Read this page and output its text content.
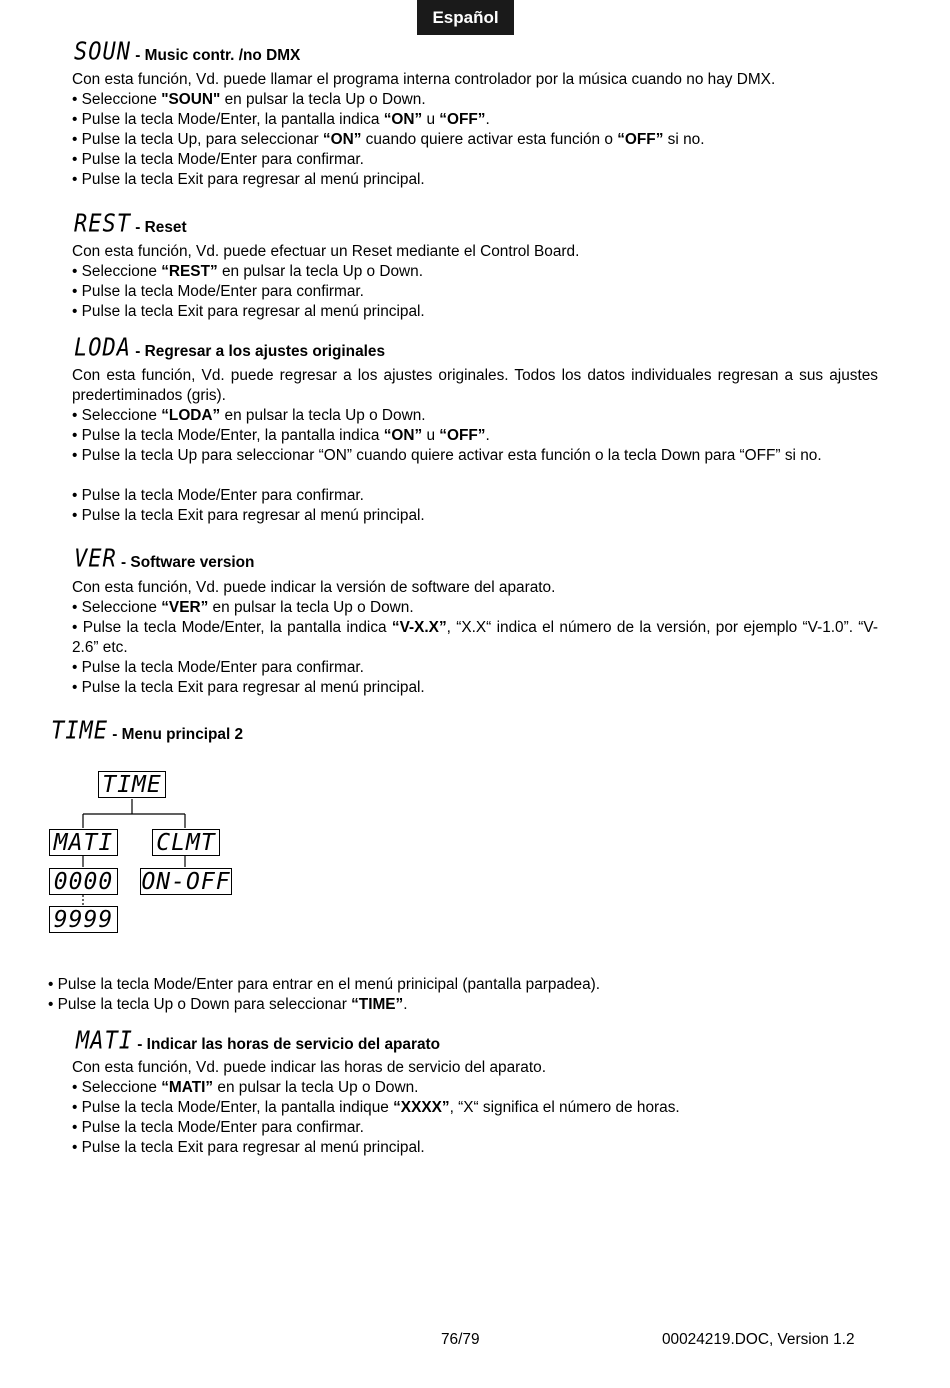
Español
SOUN - Music contr. /no DMX
Con esta función, Vd. puede llamar el programa interna controlador por la música cuando no hay DMX.
• Seleccione "SOUN" en pulsar la tecla Up o Down.
• Pulse la tecla Mode/Enter, la pantalla indica “ON” u “OFF”.
• Pulse la tecla Up, para seleccionar “ON” cuando quiere activar esta función o “OFF” si no.
• Pulse la tecla Mode/Enter para confirmar.
• Pulse la tecla Exit para regresar al menú principal.
REST - Reset
Con esta función, Vd. puede efectuar un Reset mediante el Control Board.
• Seleccione “REST” en pulsar la tecla Up o Down.
• Pulse la tecla Mode/Enter para confirmar.
• Pulse la tecla Exit para regresar al menú principal.
LODA - Regresar a los ajustes originales
Con esta función, Vd. puede regresar a los ajustes originales. Todos los datos individuales regresan a sus ajustes predertiminados (gris).
• Seleccione “LODA” en pulsar la tecla Up o Down.
• Pulse la tecla Mode/Enter, la pantalla indica “ON” u “OFF”.
• Pulse la tecla Up para seleccionar “ON” cuando quiere activar esta función o la tecla Down para “OFF” si no.
• Pulse la tecla Mode/Enter para confirmar.
• Pulse la tecla Exit para regresar al menú principal.
VER - Software version
Con esta función, Vd. puede indicar la versión de software del aparato.
• Seleccione “VER” en pulsar la tecla Up o Down.
• Pulse la tecla Mode/Enter, la pantalla indica “V-X.X”, “X.X“ indica el número de la versión, por ejemplo “V-1.0”. “V-2.6” etc.
• Pulse la tecla Mode/Enter para confirmar.
• Pulse la tecla Exit para regresar al menú principal.
TIME - Menu principal 2
TIME
MATI CLMT
0000 ON-OFF
9999
• Pulse la tecla Mode/Enter para entrar en el menú prinicipal (pantalla parpadea).
• Pulse la tecla Up o Down para seleccionar “TIME”.
MATI - Indicar las horas de servicio del aparato
Con esta función, Vd. puede indicar las horas de servicio del aparato.
• Seleccione “MATI” en pulsar la tecla Up o Down.
• Pulse la tecla Mode/Enter, la pantalla indique “XXXX”, “X“ significa el número de horas.
• Pulse la tecla Mode/Enter para confirmar.
• Pulse la tecla Exit para regresar al menú principal.
76/79	00024219.DOC, Version 1.2
